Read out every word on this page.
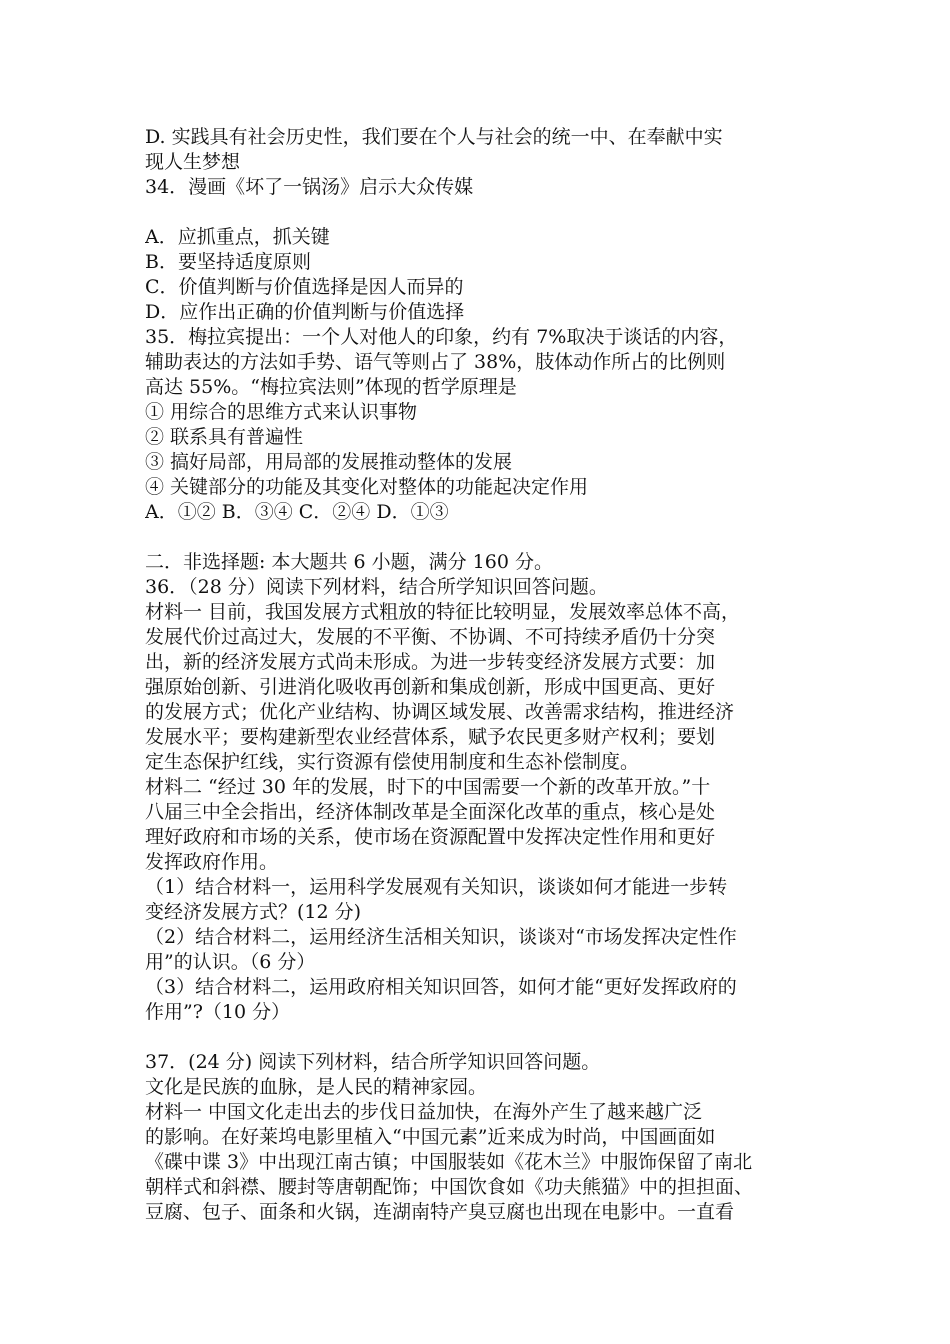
D. 实践具有社会历史性，我们要在个人与社会的统一中、在奉献中实
现人生梦想
34．漫画《坏了一锅汤》启示大众传媒
A．应抓重点，抓关键
B．要坚持适度原则
C．价值判断与价值选择是因人而异的
D．应作出正确的价值判断与价值选择
35．梅拉宾提出：一个人对他人的印象，约有 7%取决于谈话的内容，
辅助表达的方法如手势、语气等则占了 38%，肢体动作所占的比例则
高达 55%。“梅拉宾法则”体现的哲学原理是
① 用综合的思维方式来认识事物
② 联系具有普遍性
③ 搞好局部，用局部的发展推动整体的发展
④ 关键部分的功能及其变化对整体的功能起决定作用
A．①② B．③④ C．②④ D．①③
二．非选择题: 本大题共 6 小题，满分 160 分。
36．（28 分）阅读下列材料，结合所学知识回答问题。
材料一 目前，我国发展方式粗放的特征比较明显，发展效率总体不高，
发展代价过高过大，发展的不平衡、不协调、不可持续矛盾仍十分突
出，新的经济发展方式尚未形成。为进一步转变经济发展方式要：加
强原始创新、引进消化吸收再创新和集成创新，形成中国更高、更好
的发展方式；优化产业结构、协调区域发展、改善需求结构，推进经济
发展水平；要构建新型农业经营体系，赋予农民更多财产权利；要划
定生态保护红线，实行资源有偿使用制度和生态补偿制度。
材料二 “经过 30 年的发展，时下的中国需要一个新的改革开放。”十
八届三中全会指出，经济体制改革是全面深化改革的重点，核心是处
理好政府和市场的关系，使市场在资源配置中发挥决定性作用和更好
发挥政府作用。
（1）结合材料一，运用科学发展观有关知识，谈谈如何才能进一步转
变经济发展方式？(12 分)
（2）结合材料二，运用经济生活相关知识，谈谈对“市场发挥决定性作
用”的认识。（6 分）
（3）结合材料二，运用政府相关知识回答，如何才能“更好发挥政府的
作用”?（10 分）
37．(24 分) 阅读下列材料，结合所学知识回答问题。
文化是民族的血脉，是人民的精神家园。
材料一 中国文化走出去的步伐日益加快，在海外产生了越来越广泛
的影响。在好莱坞电影里植入“中国元素”近来成为时尚，中国画面如
《碟中谍 3》中出现江南古镇；中国服装如《花木兰》中服饰保留了南北
朝样式和斜襟、腰封等唐朝配饰；中国饮食如《功夫熊猫》中的担担面、
豆腐、包子、面条和火锅，连湖南特产臭豆腐也出现在电影中。一直看
